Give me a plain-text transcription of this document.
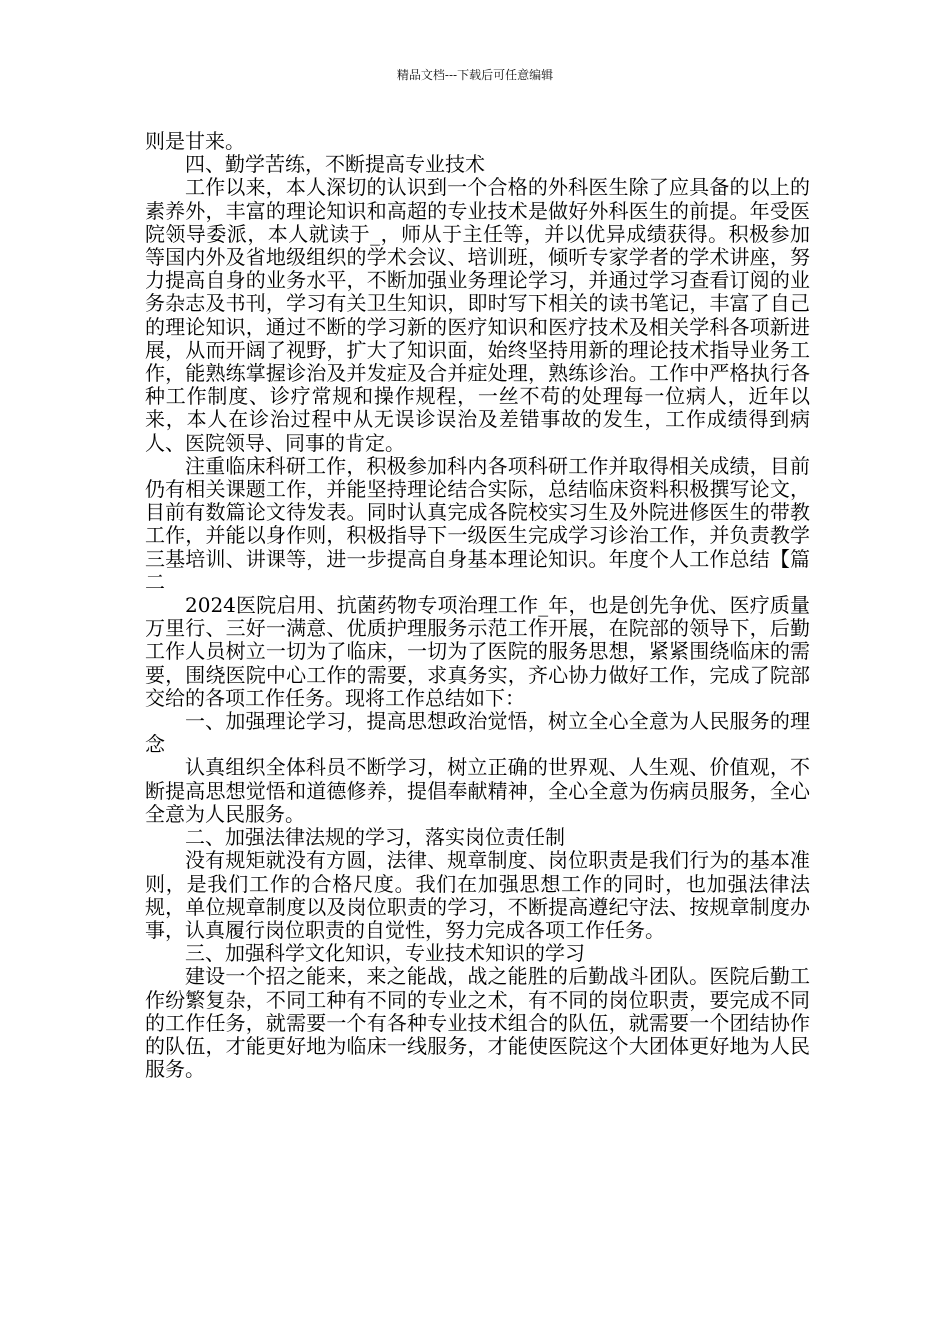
精品文档---下载后可任意编辑

则是甘来。

四、勤学苦练，不断提高专业技术

工作以来，本人深切的认识到一个合格的外科医生除了应具备的以上的素养外，丰富的理论知识和高超的专业技术是做好外科医生的前提。年受医院领导委派，本人就读于_，师从于主任等，并以优异成绩获得。积极参加等国内外及省地级组织的学术会议、培训班，倾听专家学者的学术讲座，努力提高自身的业务水平，不断加强业务理论学习，并通过学习查看订阅的业务杂志及书刊，学习有关卫生知识，即时写下相关的读书笔记，丰富了自己的理论知识，通过不断的学习新的医疗知识和医疗技术及相关学科各项新进展，从而开阔了视野，扩大了知识面，始终坚持用新的理论技术指导业务工作，能熟练掌握诊治及并发症及合并症处理，熟练诊治。工作中严格执行各种工作制度、诊疗常规和操作规程，一丝不苟的处理每一位病人，近年以来，本人在诊治过程中从无误诊误治及差错事故的发生，工作成绩得到病人、医院领导、同事的肯定。

注重临床科研工作，积极参加科内各项科研工作并取得相关成绩，目前仍有相关课题工作，并能坚持理论结合实际，总结临床资料积极撰写论文，目前有数篇论文待发表。同时认真完成各院校实习生及外院进修医生的带教工作，并能以身作则，积极指导下一级医生完成学习诊治工作，并负责教学三基培训、讲课等，进一步提高自身基本理论知识。年度个人工作总结【篇二

2024医院启用、抗菌药物专项治理工作_年，也是创先争优、医疗质量万里行、三好一满意、优质护理服务示范工作开展，在院部的领导下，后勤工作人员树立一切为了临床，一切为了医院的服务思想，紧紧围绕临床的需要，围绕医院中心工作的需要，求真务实，齐心协力做好工作，完成了院部交给的各项工作任务。现将工作总结如下：

一、加强理论学习，提高思想政治觉悟，树立全心全意为人民服务的理念

认真组织全体科员不断学习，树立正确的世界观、人生观、价值观，不断提高思想觉悟和道德修养，提倡奉献精神，全心全意为伤病员服务，全心全意为人民服务。

二、加强法律法规的学习，落实岗位责任制

没有规矩就没有方圆，法律、规章制度、岗位职责是我们行为的基本准则，是我们工作的合格尺度。我们在加强思想工作的同时，也加强法律法规，单位规章制度以及岗位职责的学习，不断提高遵纪守法、按规章制度办事，认真履行岗位职责的自觉性，努力完成各项工作任务。

三、加强科学文化知识，专业技术知识的学习

建设一个招之能来，来之能战，战之能胜的后勤战斗团队。医院后勤工作纷繁复杂，不同工种有不同的专业之术，有不同的岗位职责，要完成不同的工作任务，就需要一个有各种专业技术组合的队伍，就需要一个团结协作的队伍，才能更好地为临床一线服务，才能使医院这个大团体更好地为人民服务。
